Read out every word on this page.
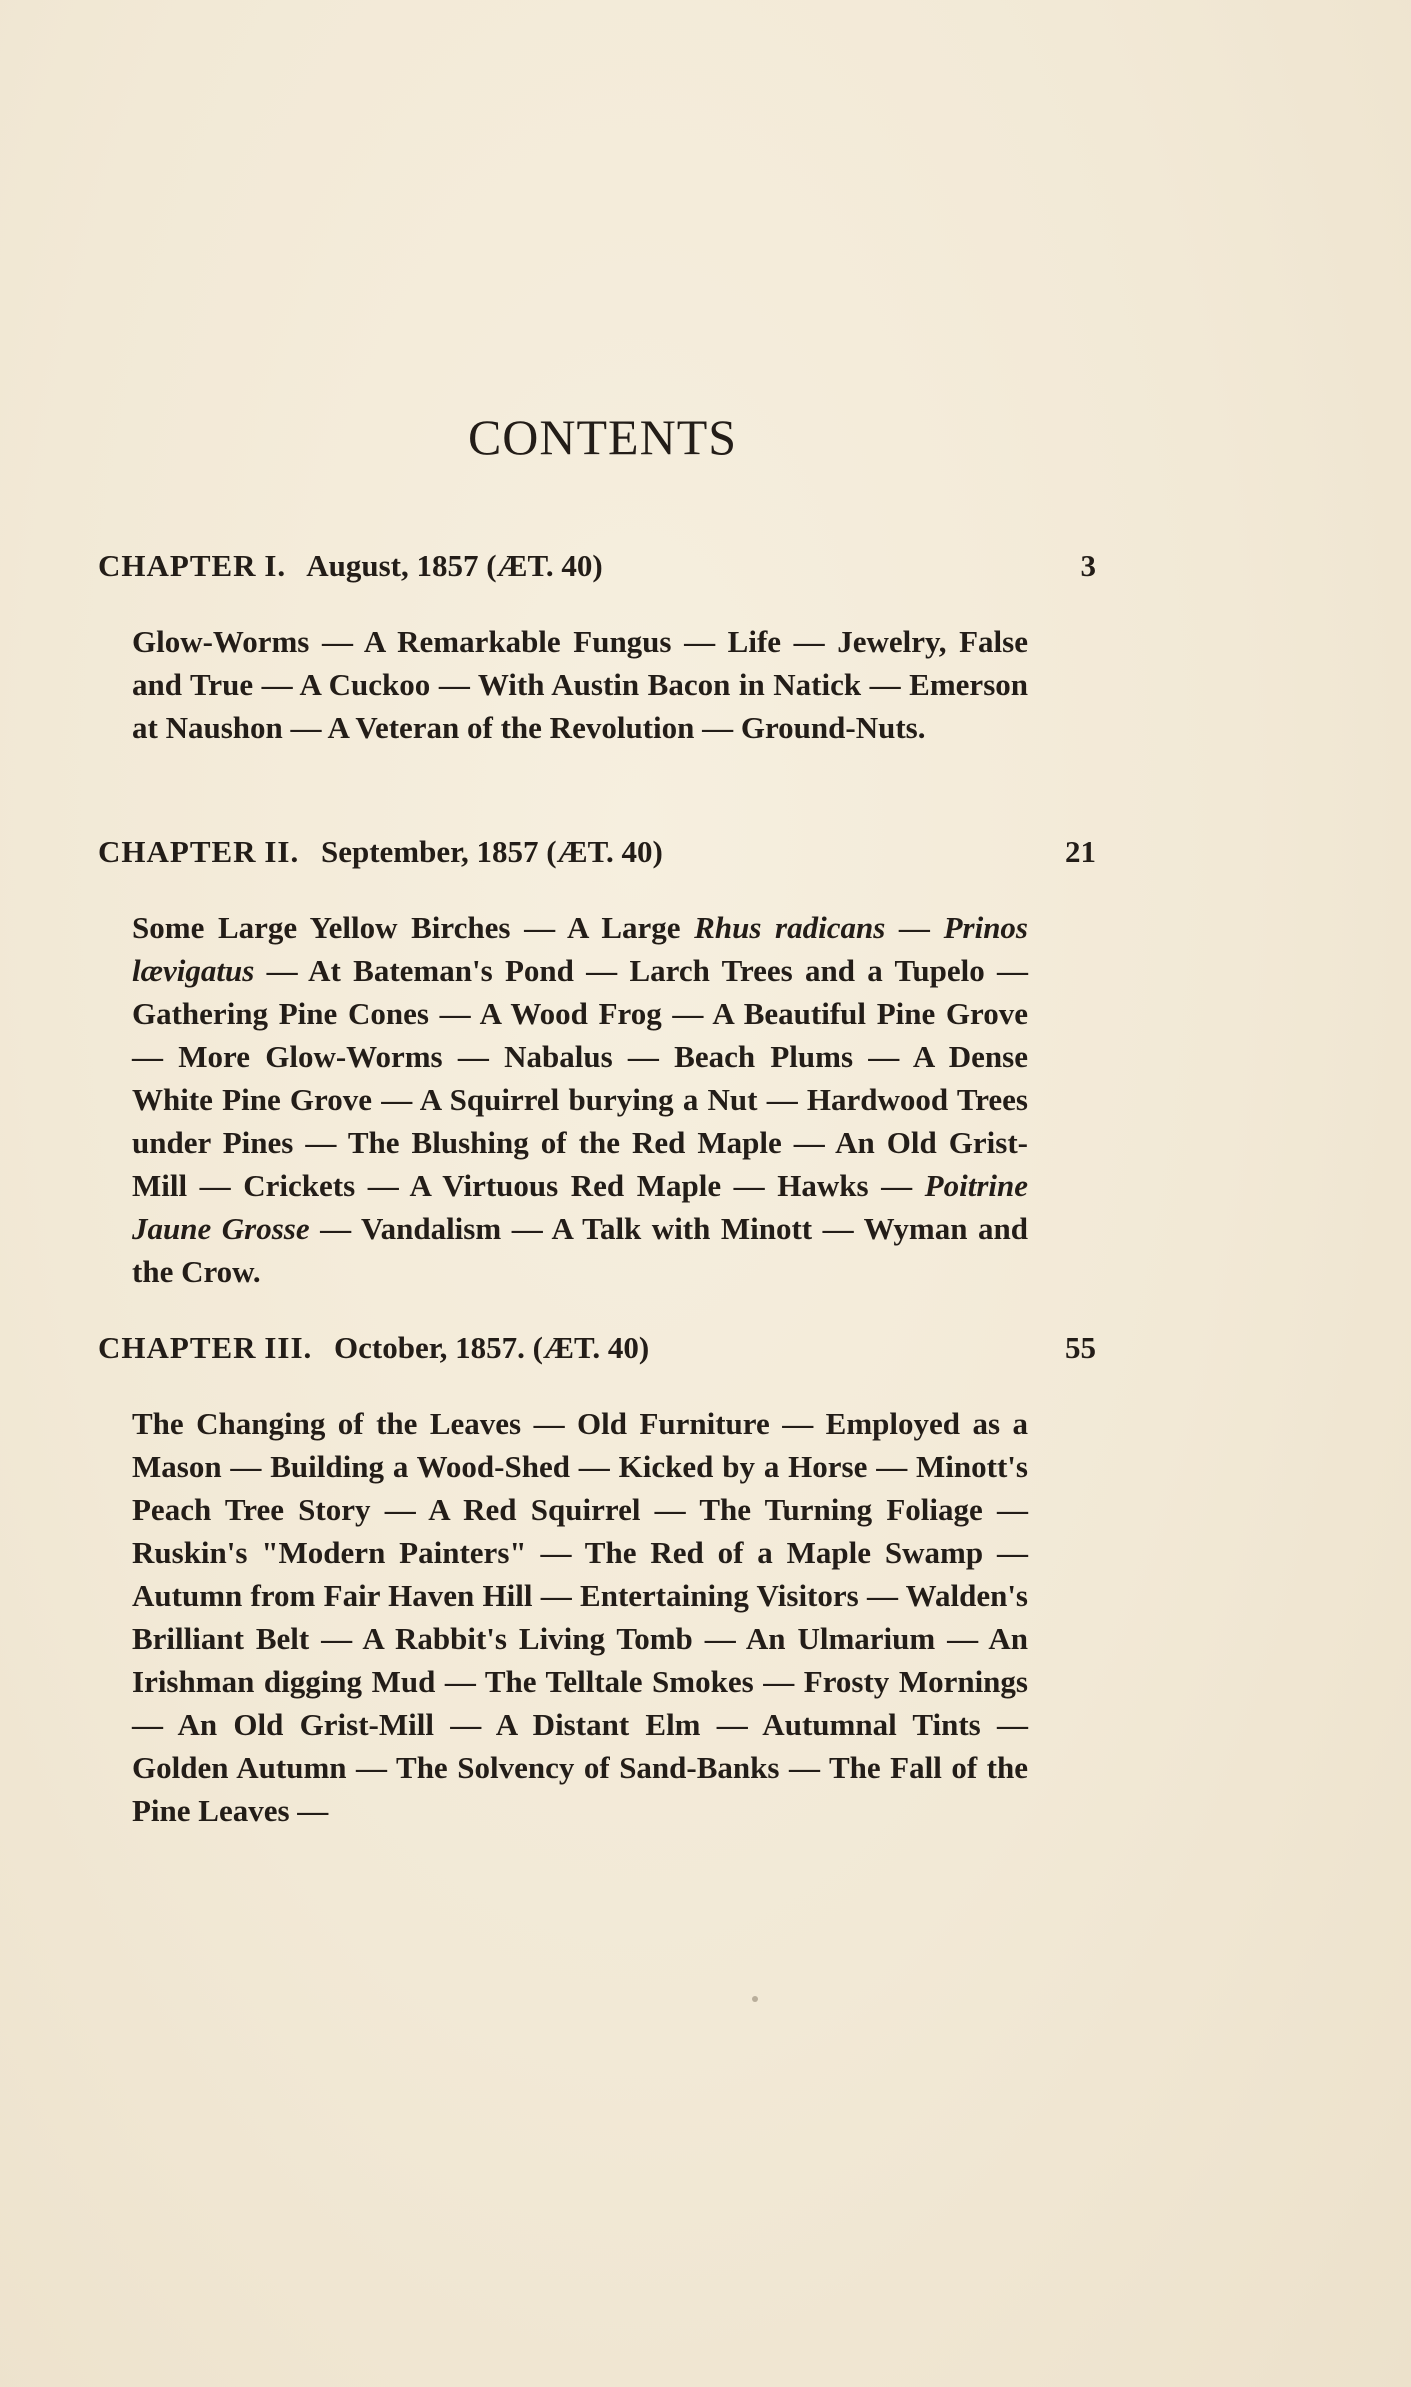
CONTENTS
CHAPTER I. August, 1857 (ÆT. 40)	3

Glow-Worms — A Remarkable Fungus — Life — Jewelry, False and True — A Cuckoo — With Austin Bacon in Natick — Emerson at Naushon — A Veteran of the Revolution — Ground-Nuts.

CHAPTER II. September, 1857 (ÆT. 40)	21

Some Large Yellow Birches — A Large Rhus radicans — Prinos lævigatus — At Bateman's Pond — Larch Trees and a Tupelo — Gathering Pine Cones — A Wood Frog — A Beautiful Pine Grove — More Glow-Worms — Nabalus — Beach Plums — A Dense White Pine Grove — A Squirrel burying a Nut — Hardwood Trees under Pines — The Blushing of the Red Maple — An Old Grist-Mill — Crickets — A Virtuous Red Maple — Hawks — Poitrine Jaune Grosse — Vandalism — A Talk with Minott — Wyman and the Crow.

CHAPTER III. October, 1857. (ÆT. 40)	55

The Changing of the Leaves — Old Furniture — Employed as a Mason — Building a Wood-Shed — Kicked by a Horse — Minott's Peach Tree Story — A Red Squirrel — The Turning Foliage — Ruskin's "Modern Painters" — The Red of a Maple Swamp — Autumn from Fair Haven Hill — Entertaining Visitors — Walden's Brilliant Belt — A Rabbit's Living Tomb — An Ulmarium — An Irishman digging Mud — The Telltale Smokes — Frosty Mornings — An Old Grist-Mill — A Distant Elm — Autumnal Tints — Golden Autumn — The Solvency of Sand-Banks — The Fall of the Pine Leaves —
